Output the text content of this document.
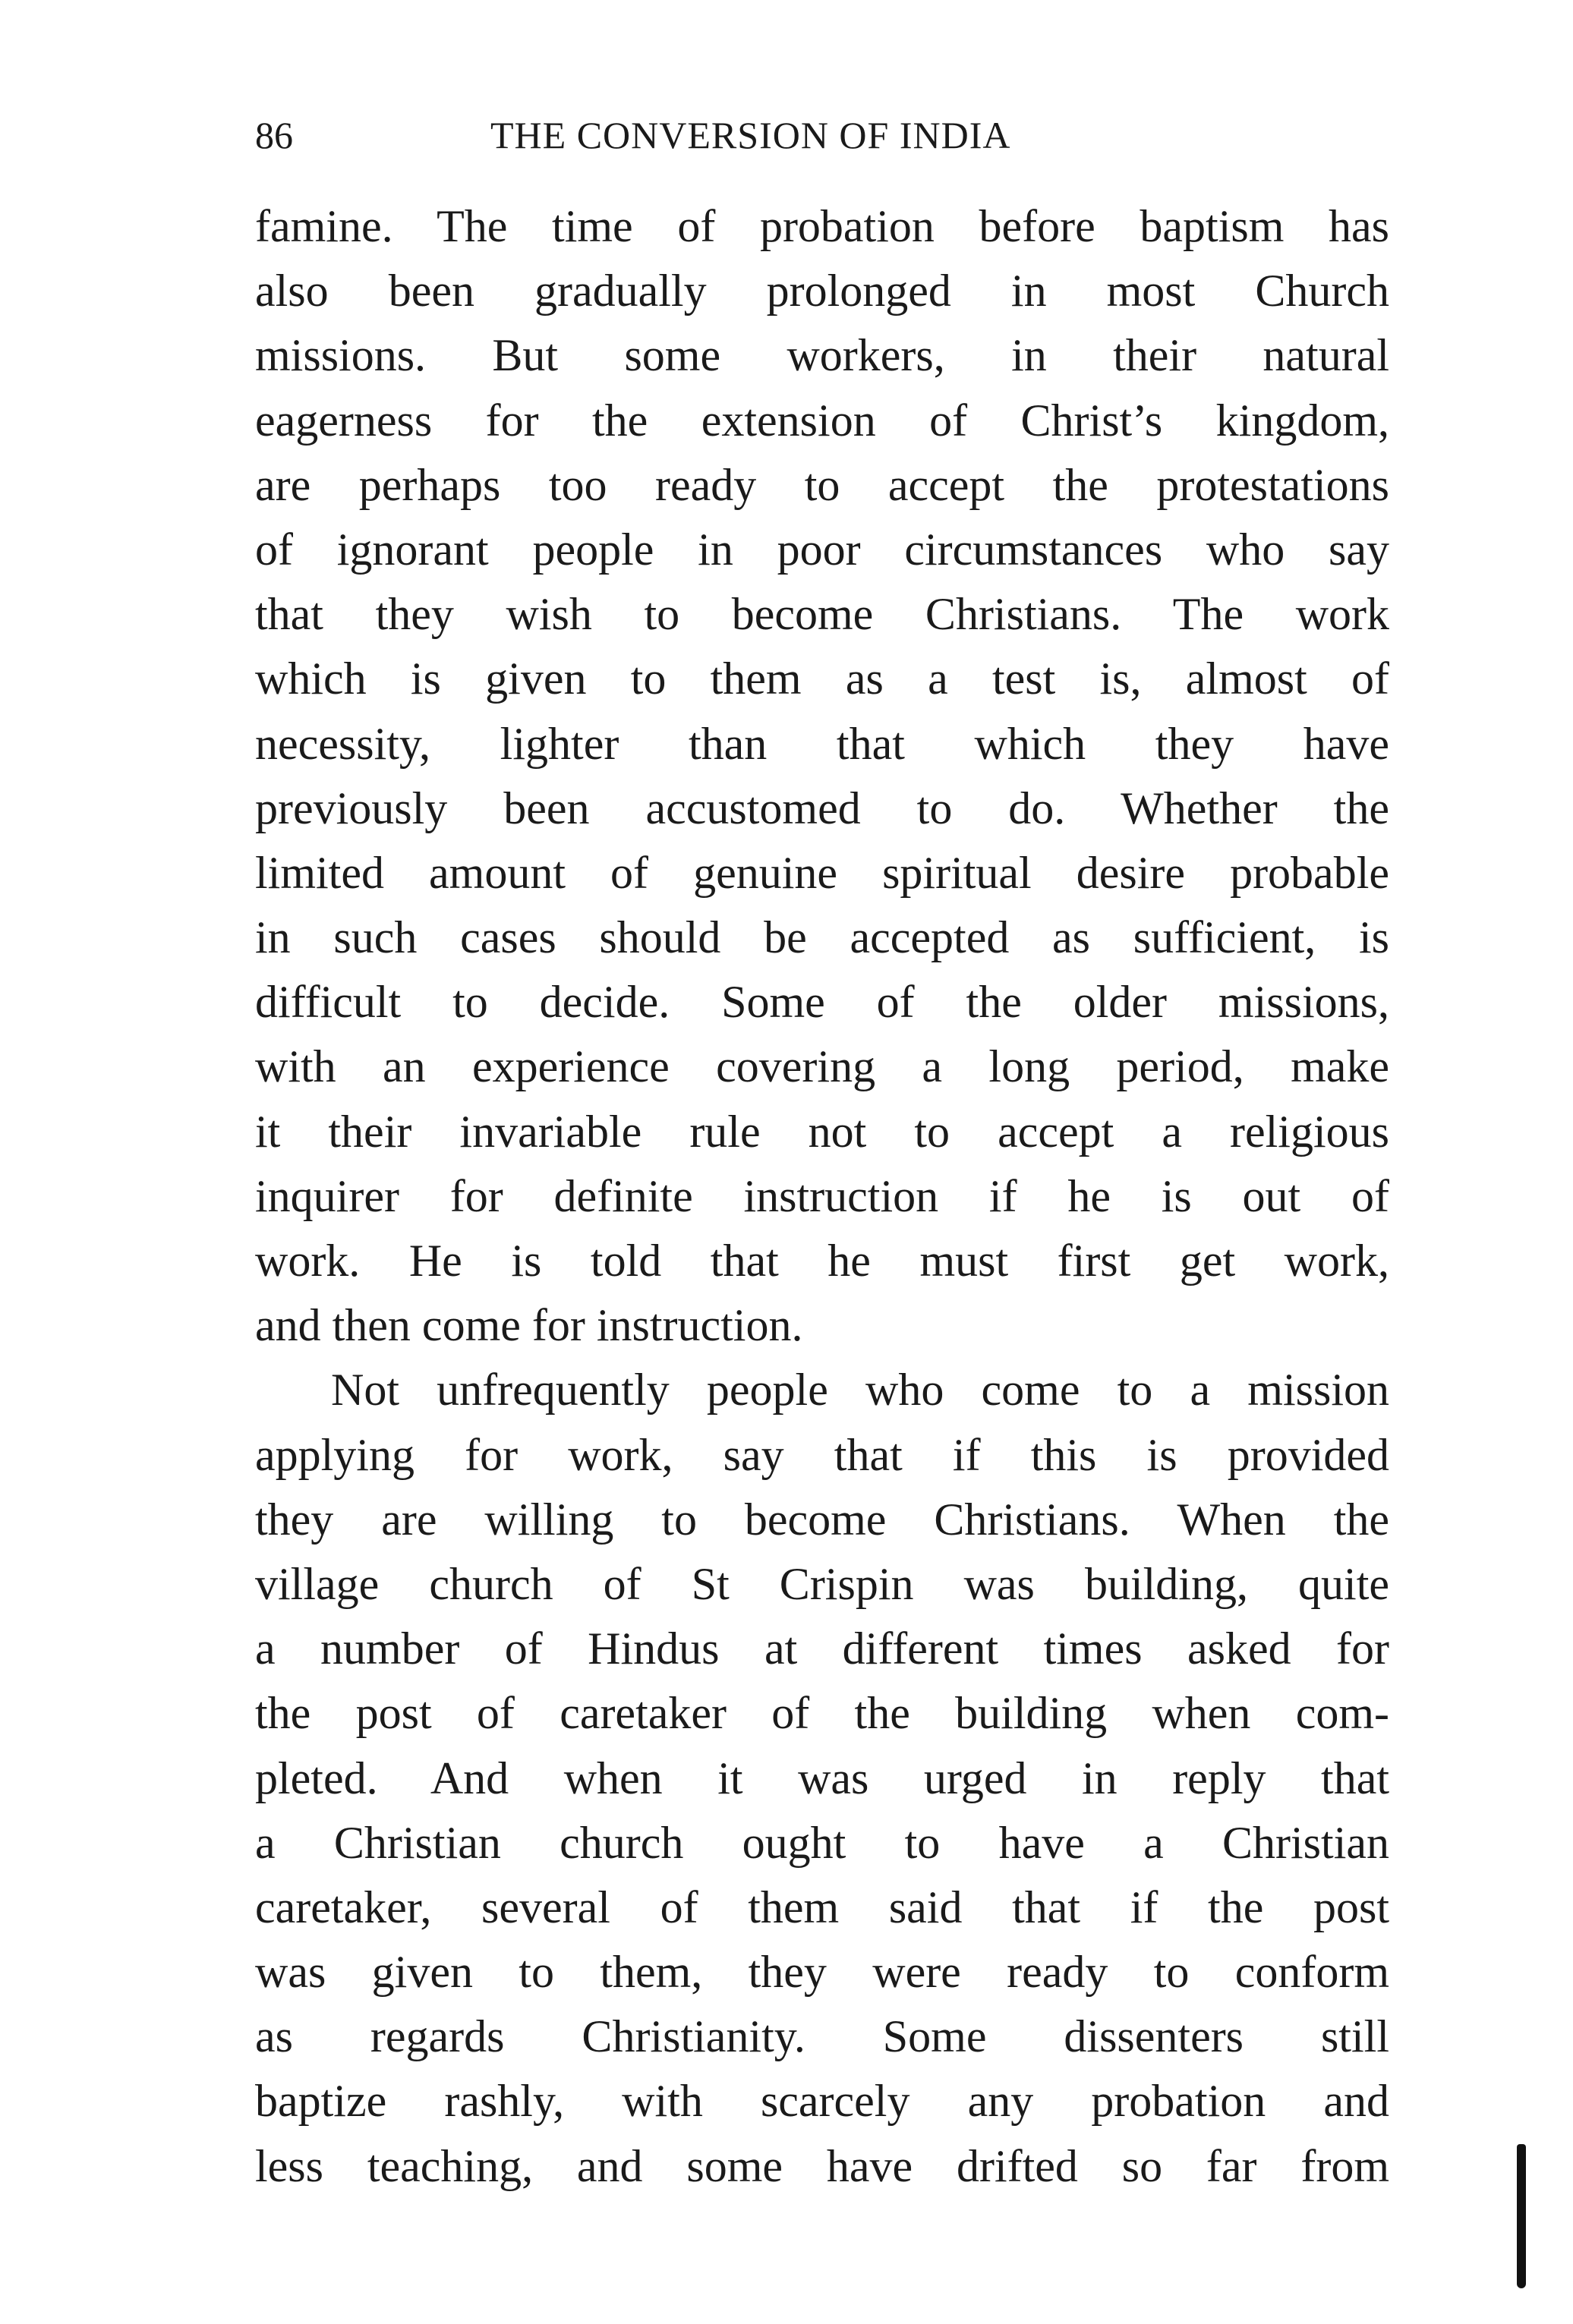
86	THE CONVERSION OF INDIA
famine. The time of probation before baptism has
also been gradually prolonged in most Church
missions. But some workers, in their natural
eagerness for the extension of Christ’s kingdom,
are perhaps too ready to accept the protestations
of ignorant people in poor circumstances who say
that they wish to become Christians. The work
which is given to them as a test is, almost of
necessity, lighter than that which they have
previously been accustomed to do. Whether the
limited amount of genuine spiritual desire probable
in such cases should be accepted as sufficient, is
difficult to decide. Some of the older missions,
with an experience covering a long period, make
it their invariable rule not to accept a religious
inquirer for definite instruction if he is out of
work. He is told that he must first get work,
and then come for instruction.
Not unfrequently people who come to a mission
applying for work, say that if this is provided
they are willing to become Christians. When the
village church of St Crispin was building, quite
a number of Hindus at different times asked for
the post of caretaker of the building when com-
pleted. And when it was urged in reply that
a Christian church ought to have a Christian
caretaker, several of them said that if the post
was given to them, they were ready to conform
as regards Christianity. Some dissenters still
baptize rashly, with scarcely any probation and
less teaching, and some have drifted so far from
